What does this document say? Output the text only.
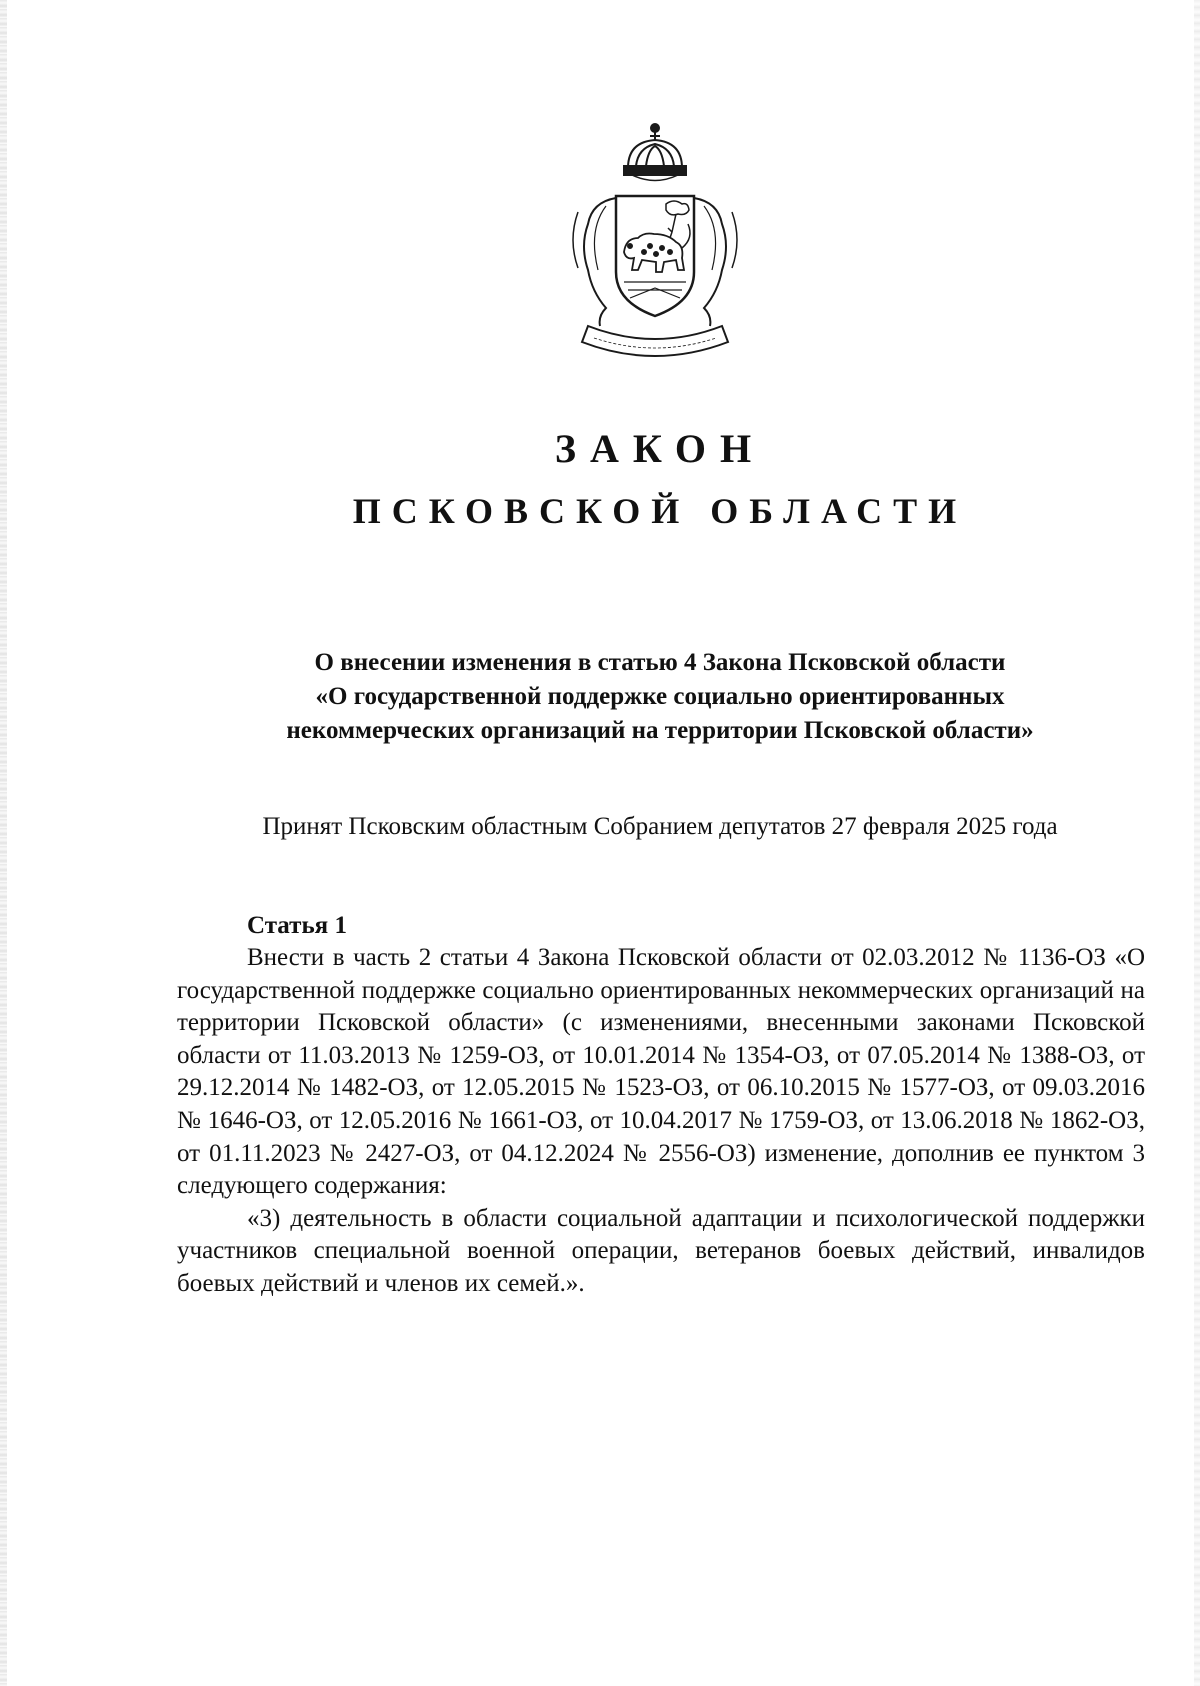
ЗАКОН
ПСКОВСКОЙ ОБЛАСТИ
О внесении изменения в статью 4 Закона Псковской области
«О государственной поддержке социально ориентированных
некоммерческих организаций на территории Псковской области»
Принят Псковским областным Собранием депутатов 27 февраля 2025 года
Статья 1

Внести в часть 2 статьи 4 Закона Псковской области от 02.03.2012 № 1136-ОЗ «О государственной поддержке социально ориентированных некоммерческих организаций на территории Псковской области» (с изменениями, внесенными законами Псковской области от 11.03.2013 № 1259-ОЗ, от 10.01.2014 № 1354-ОЗ, от 07.05.2014 № 1388-ОЗ, от 29.12.2014 № 1482-ОЗ, от 12.05.2015 № 1523-ОЗ, от 06.10.2015 № 1577-ОЗ, от 09.03.2016 № 1646-ОЗ, от 12.05.2016 № 1661-ОЗ, от 10.04.2017 № 1759-ОЗ, от 13.06.2018 № 1862-ОЗ, от 01.11.2023 № 2427-ОЗ, от 04.12.2024 № 2556-ОЗ) изменение, дополнив ее пунктом 3 следующего содержания:

«3) деятельность в области социальной адаптации и психологической поддержки участников специальной военной операции, ветеранов боевых действий, инвалидов боевых действий и членов их семей.».
